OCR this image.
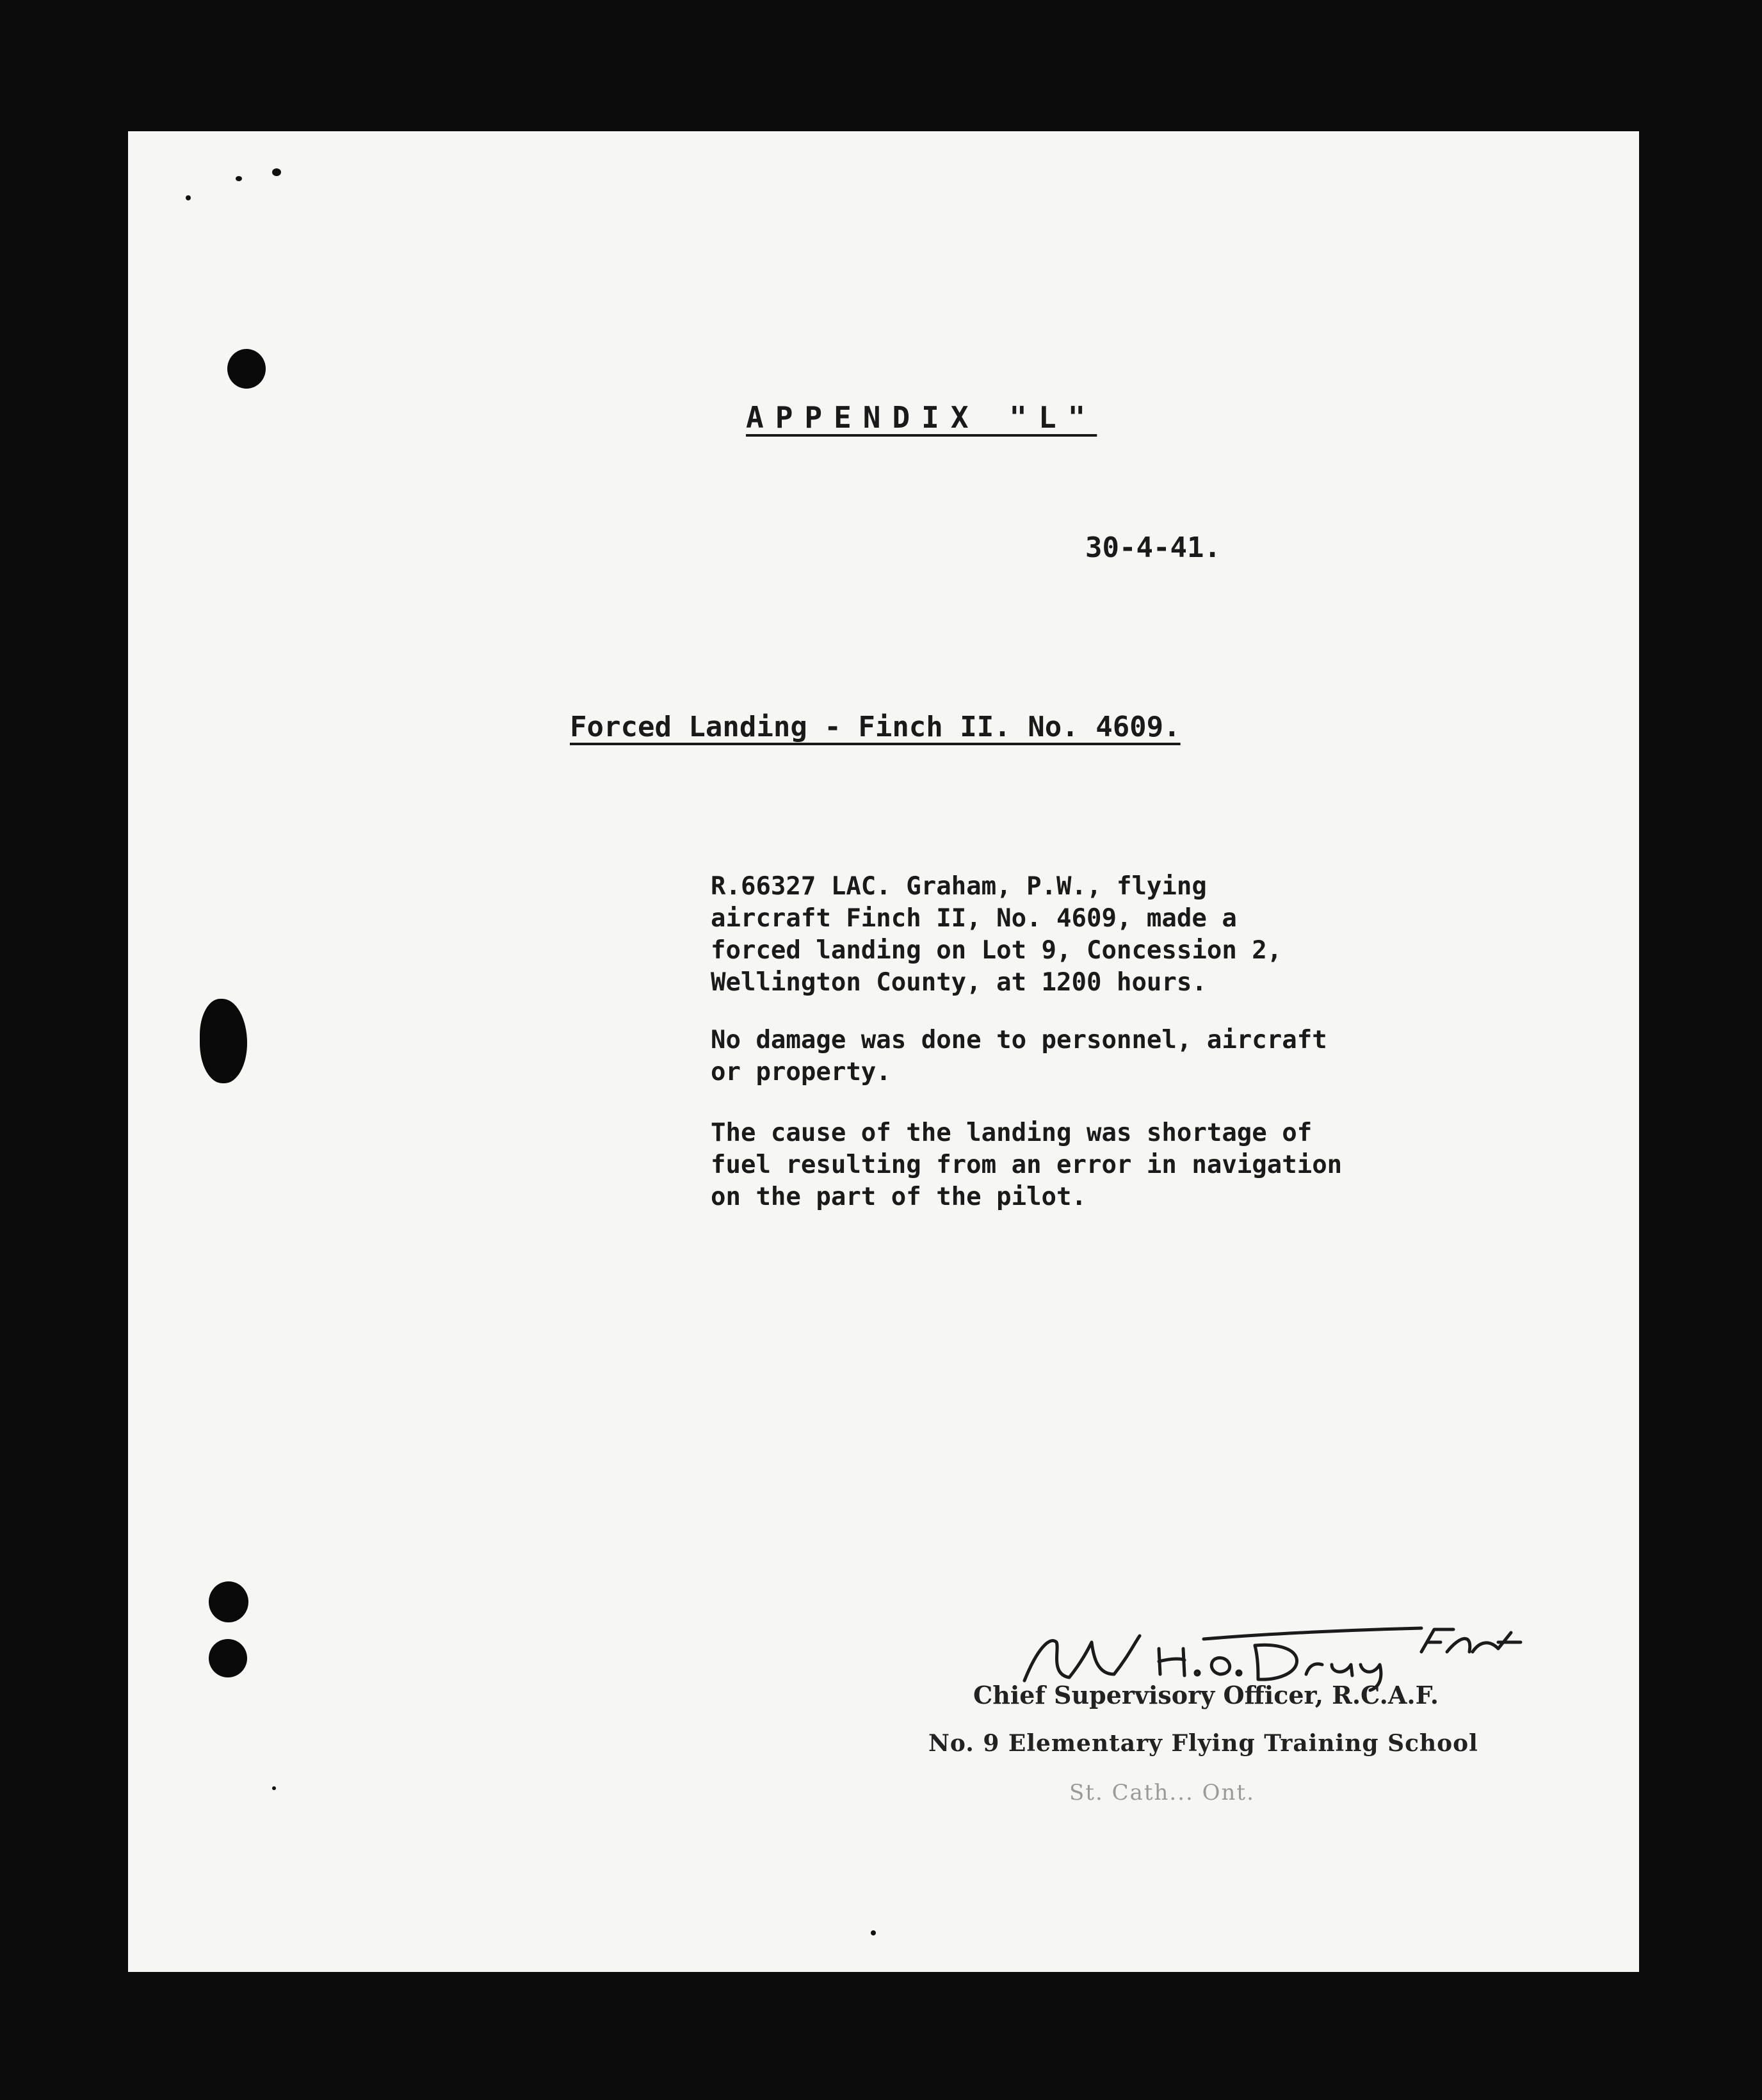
APPENDIX "L"
30-4-41.
Forced Landing - Finch II. No. 4609.

R.66327 LAC. Graham, P.W., flying
aircraft Finch II, No. 4609, made a
forced landing on Lot 9, Concession 2,
Wellington County, at 1200 hours.

No damage was done to personnel, aircraft
or property.

The cause of the landing was shortage of
fuel resulting from an error in navigation
on the part of the pilot.

Chief Supervisory Officer, R.C.A.F.
No. 9 Elementary Flying Training School
St. Cath... Ont.
